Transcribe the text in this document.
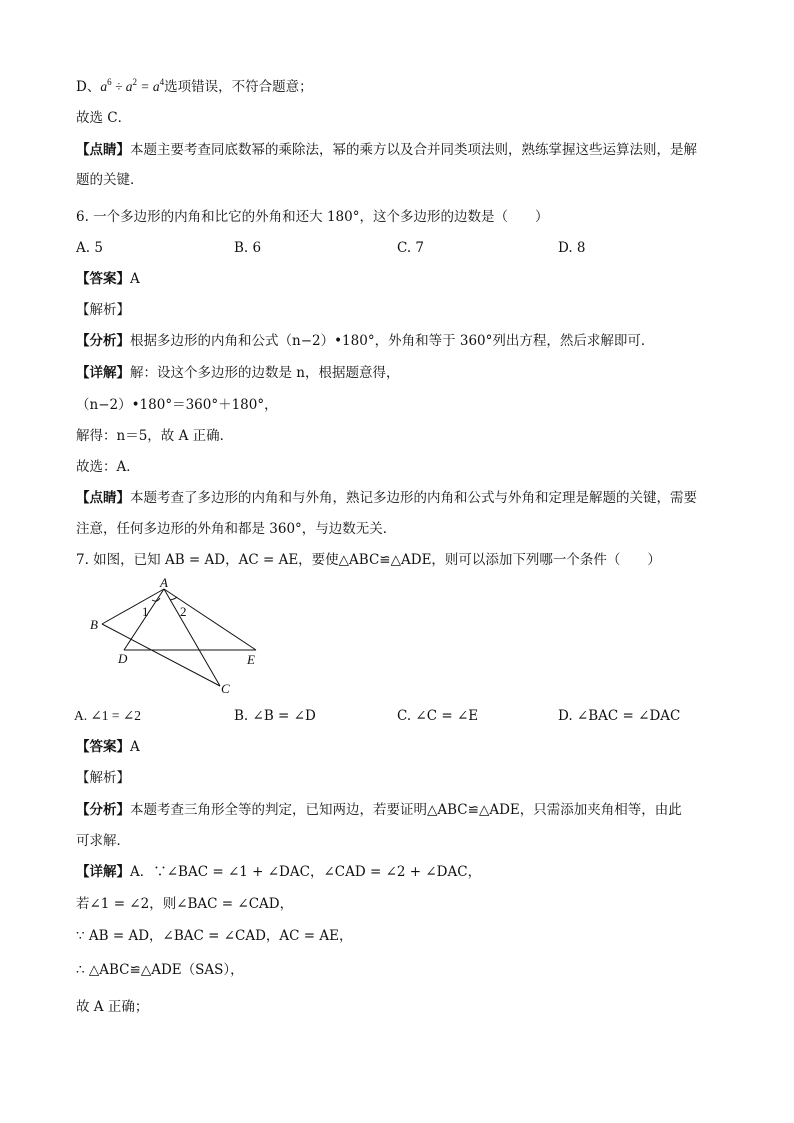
D、$a^6 \div a^2 = a^4$选项错误，不符合题意；
故选 C．
【点睛】本题主要考查同底数幂的乘除法，幂的乘方以及合并同类项法则，熟练掌握这些运算法则，是解
题的关键．
6. 一个多边形的内角和比它的外角和还大 180°，这个多边形的边数是（　　）
A. 5	B. 6	C. 7	D. 8
【答案】A
【解析】
【分析】根据多边形的内角和公式（n−2）•180°，外角和等于 360°列出方程，然后求解即可．
【详解】解：设这个多边形的边数是 n，根据题意得，
（n−2）•180°＝360°＋180°，
解得：n＝5，故 A 正确．
故选：A．
【点睛】本题考查了多边形的内角和与外角，熟记多边形的内角和公式与外角和定理是解题的关键，需要
注意，任何多边形的外角和都是 360°，与边数无关．
7. 如图，已知 AB = AD，AC = AE，要使△ABC≌△ADE，则可以添加下列哪一个条件（　　）
A
B
C
D	E
1 2
A. ∠1 = ∠2	B. ∠B = ∠D	C. ∠C = ∠E	D. ∠BAC = ∠DAC
【答案】A
【解析】
【分析】本题考查三角形全等的判定，已知两边，若要证明△ABC≌△ADE，只需添加夹角相等，由此
可求解．
【详解】A．∵∠BAC = ∠1 + ∠DAC，∠CAD = ∠2 + ∠DAC，
若∠1 = ∠2，则∠BAC = ∠CAD，
∵ AB = AD，∠BAC = ∠CAD，AC = AE，
∴ △ABC≌△ADE（SAS），
故 A 正确；
